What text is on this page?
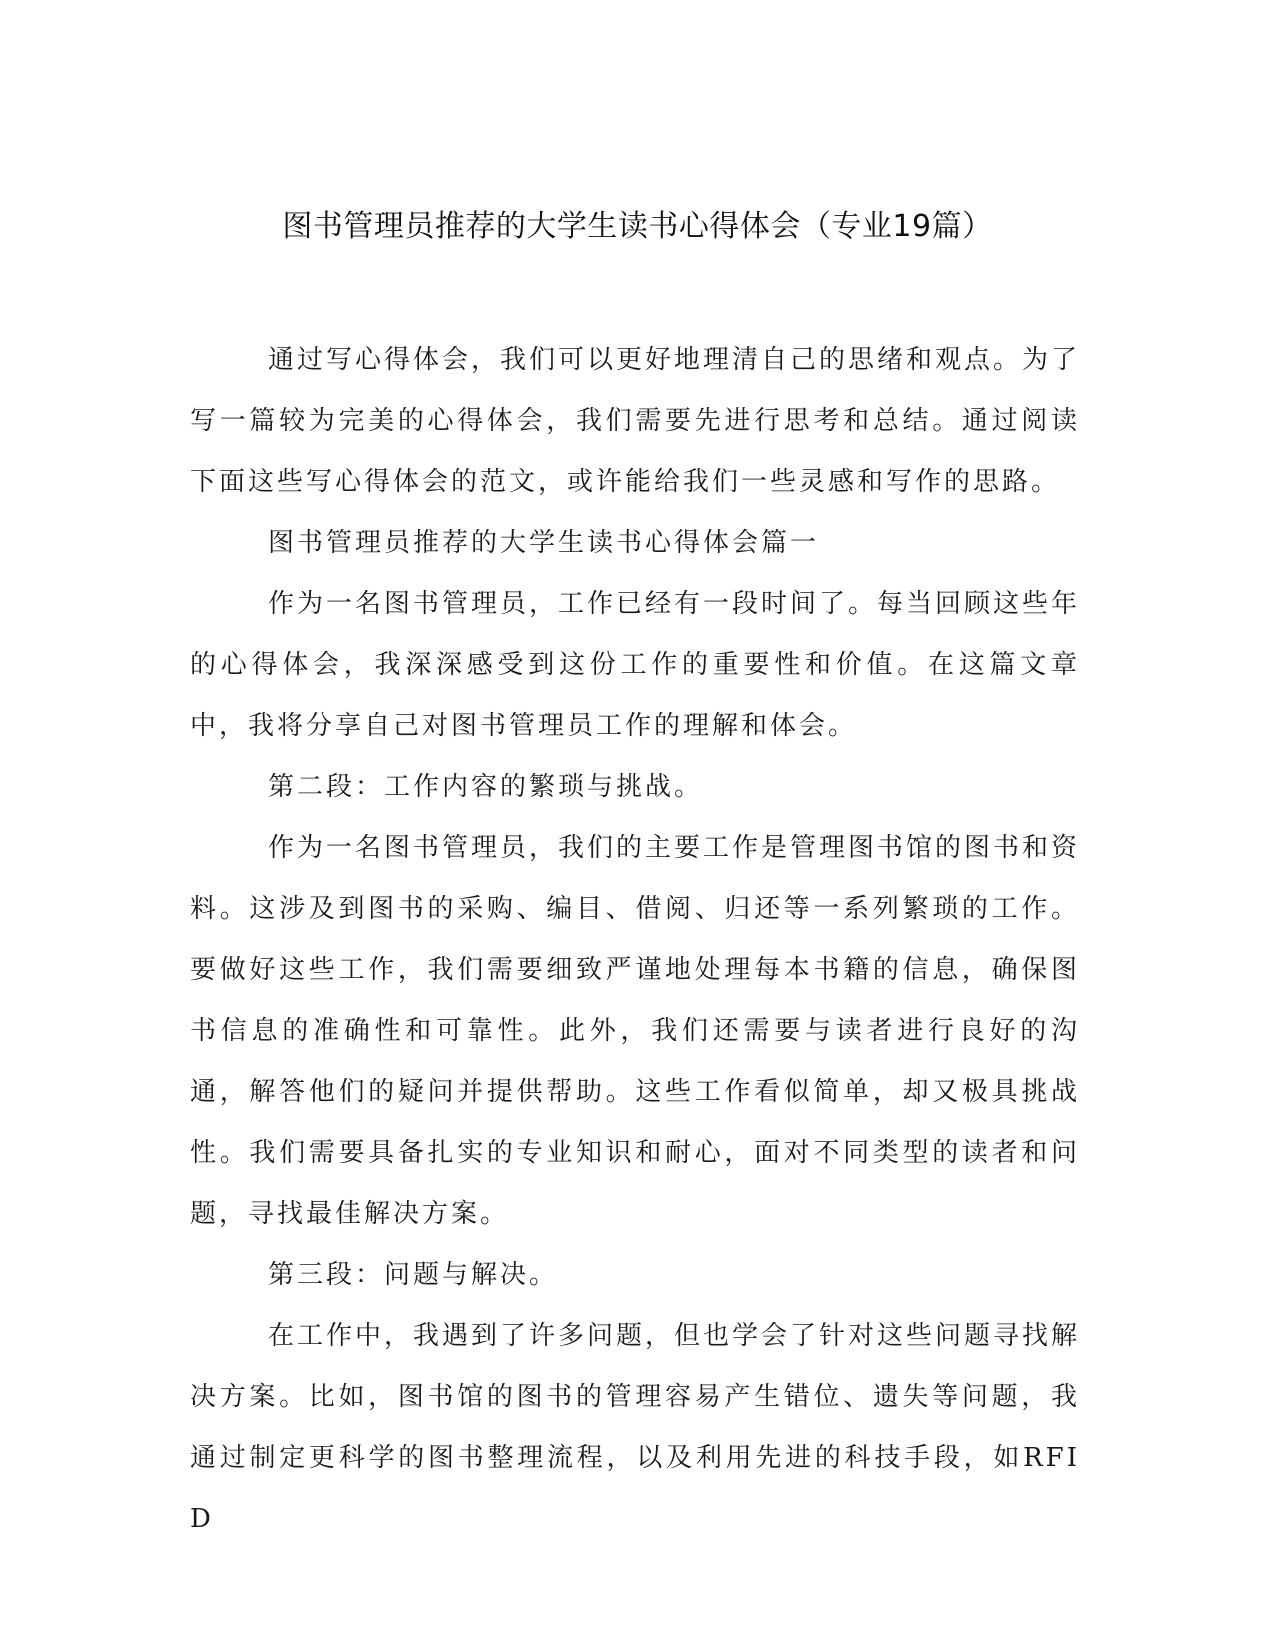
图书管理员推荐的大学生读书心得体会（专业19篇）

通过写心得体会，我们可以更好地理清自己的思绪和观点。为了写一篇较为完美的心得体会，我们需要先进行思考和总结。通过阅读下面这些写心得体会的范文，或许能给我们一些灵感和写作的思路。

图书管理员推荐的大学生读书心得体会篇一

作为一名图书管理员，工作已经有一段时间了。每当回顾这些年的心得体会，我深深感受到这份工作的重要性和价值。在这篇文章中，我将分享自己对图书管理员工作的理解和体会。

第二段：工作内容的繁琐与挑战。

作为一名图书管理员，我们的主要工作是管理图书馆的图书和资料。这涉及到图书的采购、编目、借阅、归还等一系列繁琐的工作。要做好这些工作，我们需要细致严谨地处理每本书籍的信息，确保图书信息的准确性和可靠性。此外，我们还需要与读者进行良好的沟通，解答他们的疑问并提供帮助。这些工作看似简单，却又极具挑战性。我们需要具备扎实的专业知识和耐心，面对不同类型的读者和问题，寻找最佳解决方案。

第三段：问题与解决。

在工作中，我遇到了许多问题，但也学会了针对这些问题寻找解决方案。比如，图书馆的图书的管理容易产生错位、遗失等问题，我通过制定更科学的图书整理流程，以及利用先进的科技手段，如RFID
